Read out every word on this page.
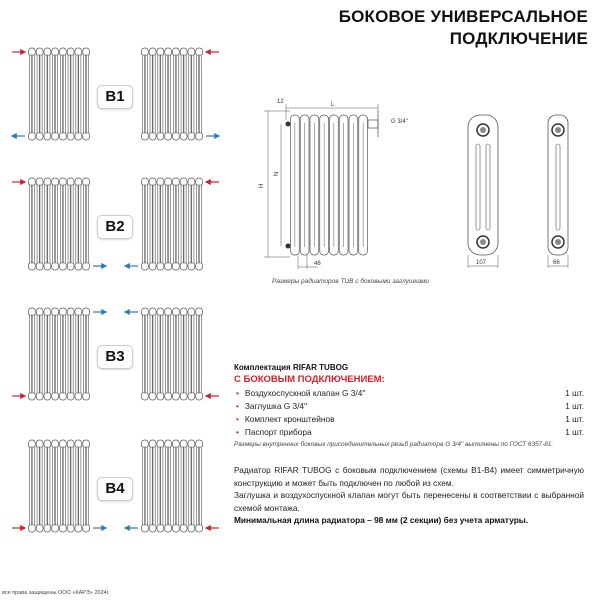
БОКОВОЕ УНИВЕРСАЛЬНОЕ
ПОДКЛЮЧЕНИЕ
B1
B2
B3
B4
12	L
G 3/4''
H
N
46	107	66
Размеры радиаторов TUB с боковыми заглушками
Комплектация RIFAR TUBOG
С БОКОВЫМ ПОДКЛЮЧЕНИЕМ:
• Воздухоспускной клапан G 3/4''	1 шт.
• Заглушка G 3/4''	1 шт.
• Комплект кронштейнов	1 шт.
• Паспорт прибора	1 шт.
Размеры внутренних боковых присоединительных резьб радиатора G 3/4'' выполнены по ГОСТ 6357-81.
Радиатор RIFAR TUBOG с боковым подключением (схемы B1-B4) имеет симметричную конструкцию и может быть подключен по любой из схем.
Заглушка и воздухоспускной клапан могут быть перенесены в соответствии с выбранной схемой монтажа.
Минимальная длина радиатора – 98 мм (2 секции) без учета арматуры.
все права защищены ООО «КАРЭ» 2024г.
